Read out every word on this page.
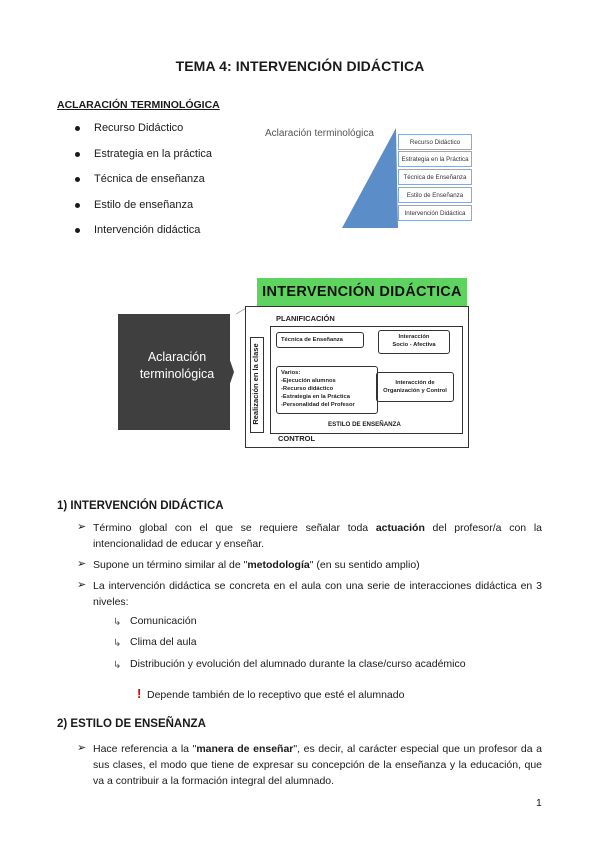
TEMA 4: INTERVENCIÓN DIDÁCTICA
ACLARACIÓN TERMINOLÓGICA
Recurso Didáctico
Estrategia en la práctica
Técnica de enseñanza
Estilo de enseñanza
Intervención didáctica
Aclaración terminológica
Recurso Didáctico
Estrategia en la Práctica
Técnica de Enseñanza
Estilo de Enseñanza
Intervención Didáctica
Aclaración terminológica
INTERVENCIÓN DIDÁCTICA
PLANIFICACIÓN
Realización en la clase
Técnica de Enseñanza	Interacción
Socio - Afectiva
Varios:
-Ejecución alumnos
-Recurso didáctico
-Estrategia en la Práctica
-Personalidad del Profesor
Interacción de
Organización y Control
ESTILO DE ENSEÑANZA
CONTROL
1) INTERVENCIÓN DIDÁCTICA
➢ Término global con el que se requiere señalar toda actuación del profesor/a con la intencionalidad de educar y enseñar.
➢ Supone un término similar al de "metodología" (en su sentido amplio)
➢ La intervención didáctica se concreta en el aula con una serie de interacciones didáctica en 3 niveles:
↳ Comunicación
↳ Clima del aula
↳ Distribución y evolución del alumnado durante la clase/curso académico
! Depende también de lo receptivo que esté el alumnado
2) ESTILO DE ENSEÑANZA
➢ Hace referencia a la "manera de enseñar", es decir, al carácter especial que un profesor da a sus clases, el modo que tiene de expresar su concepción de la enseñanza y la educación, que va a contribuir a la formación integral del alumnado.
1
